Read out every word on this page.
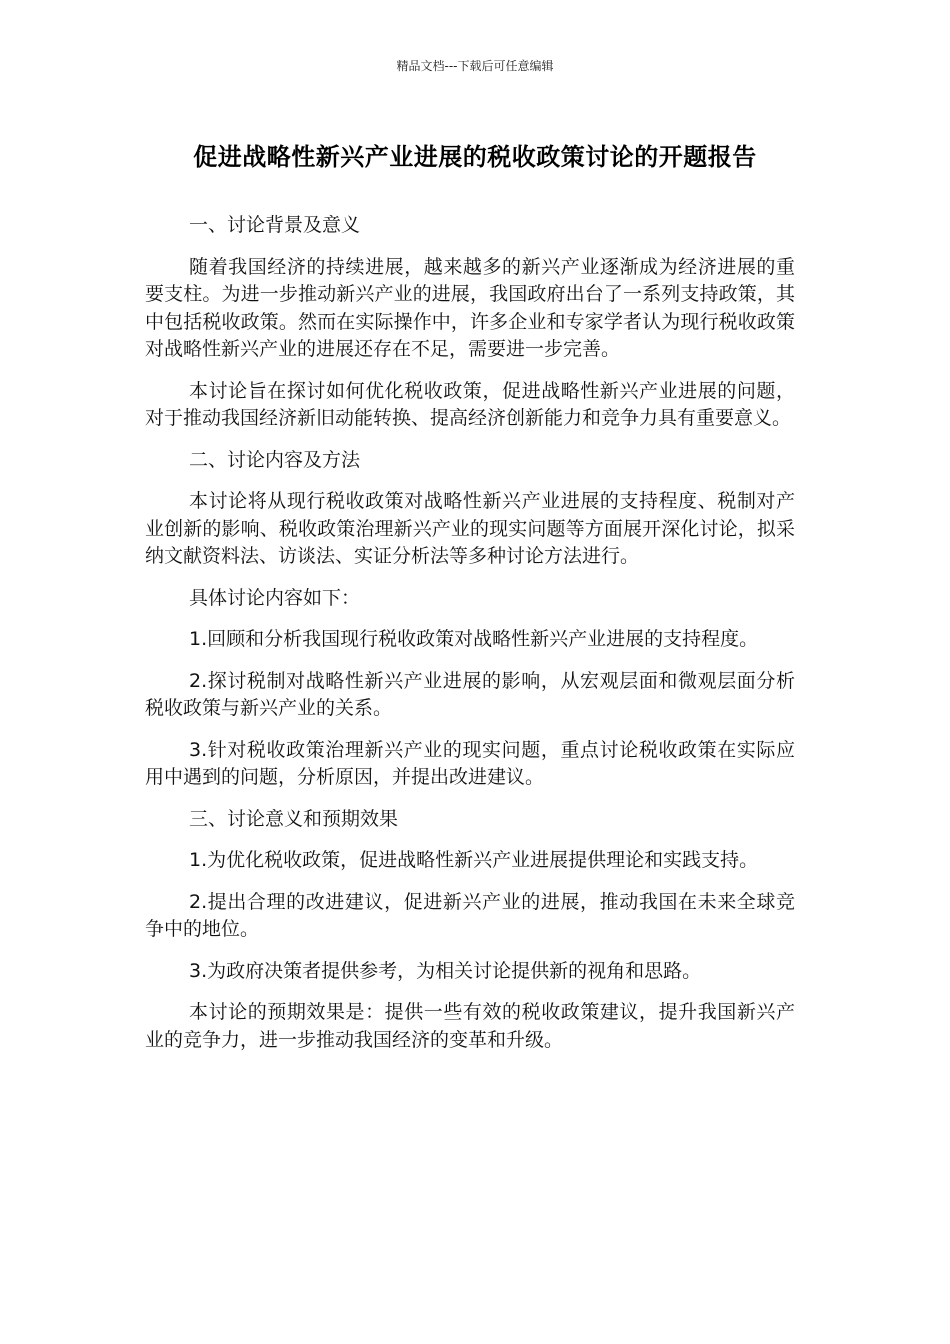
精品文档---下载后可任意编辑
促进战略性新兴产业进展的税收政策讨论的开题报告

一、讨论背景及意义

随着我国经济的持续进展，越来越多的新兴产业逐渐成为经济进展的重要支柱。为进一步推动新兴产业的进展，我国政府出台了一系列支持政策，其中包括税收政策。然而在实际操作中，许多企业和专家学者认为现行税收政策对战略性新兴产业的进展还存在不足，需要进一步完善。

本讨论旨在探讨如何优化税收政策，促进战略性新兴产业进展的问题，对于推动我国经济新旧动能转换、提高经济创新能力和竞争力具有重要意义。

二、讨论内容及方法

本讨论将从现行税收政策对战略性新兴产业进展的支持程度、税制对产业创新的影响、税收政策治理新兴产业的现实问题等方面展开深化讨论，拟采纳文献资料法、访谈法、实证分析法等多种讨论方法进行。

具体讨论内容如下：

1.回顾和分析我国现行税收政策对战略性新兴产业进展的支持程度。

2.探讨税制对战略性新兴产业进展的影响，从宏观层面和微观层面分析税收政策与新兴产业的关系。

3.针对税收政策治理新兴产业的现实问题，重点讨论税收政策在实际应用中遇到的问题，分析原因，并提出改进建议。

三、讨论意义和预期效果

1.为优化税收政策，促进战略性新兴产业进展提供理论和实践支持。

2.提出合理的改进建议，促进新兴产业的进展，推动我国在未来全球竞争中的地位。

3.为政府决策者提供参考，为相关讨论提供新的视角和思路。

本讨论的预期效果是：提供一些有效的税收政策建议，提升我国新兴产业的竞争力，进一步推动我国经济的变革和升级。
